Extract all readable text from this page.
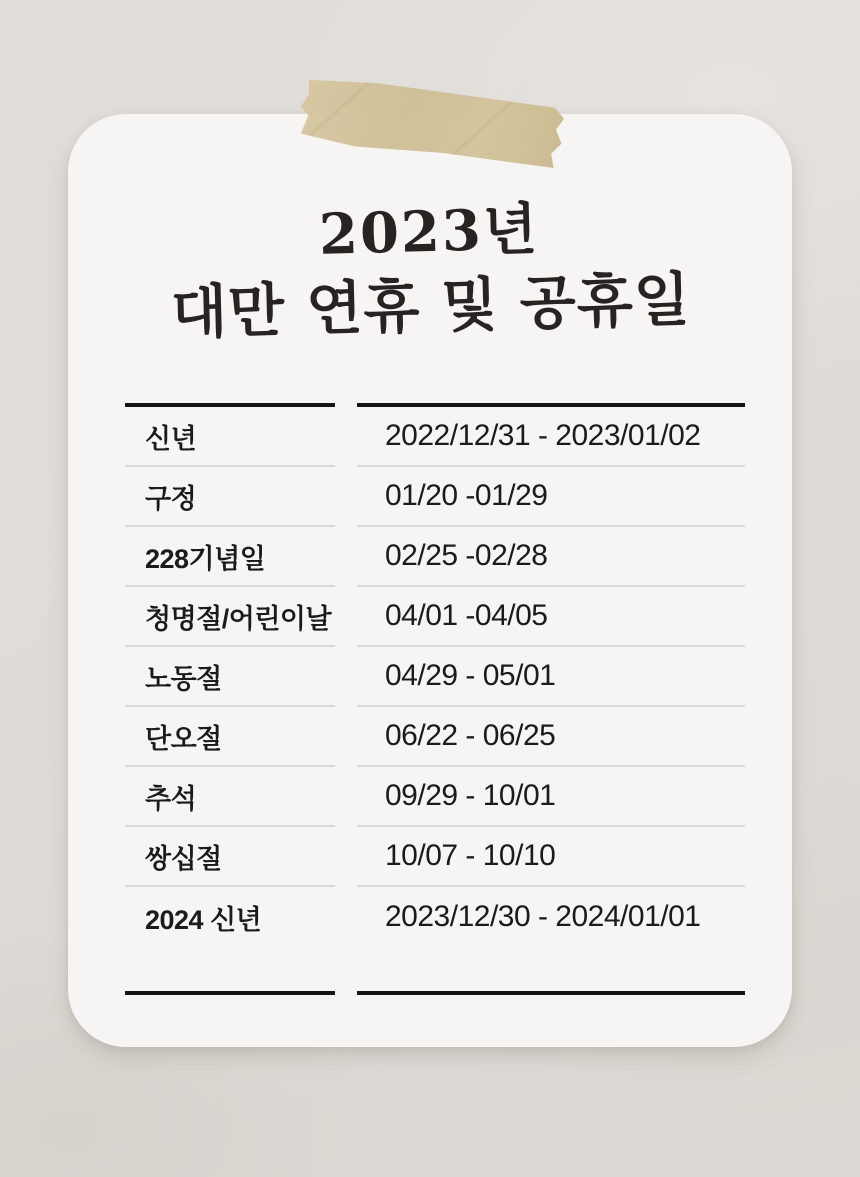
2023년
대만 연휴 및 공휴일
신년	2022/12/31 - 2023/01/02
구정	01/20 -01/29
228기념일	02/25 -02/28
청명절/어린이날	04/01 -04/05
노동절	04/29 - 05/01
단오절	06/22 - 06/25
추석	09/29 - 10/01
쌍십절	10/07 - 10/10
2024 신년	2023/12/30 - 2024/01/01
